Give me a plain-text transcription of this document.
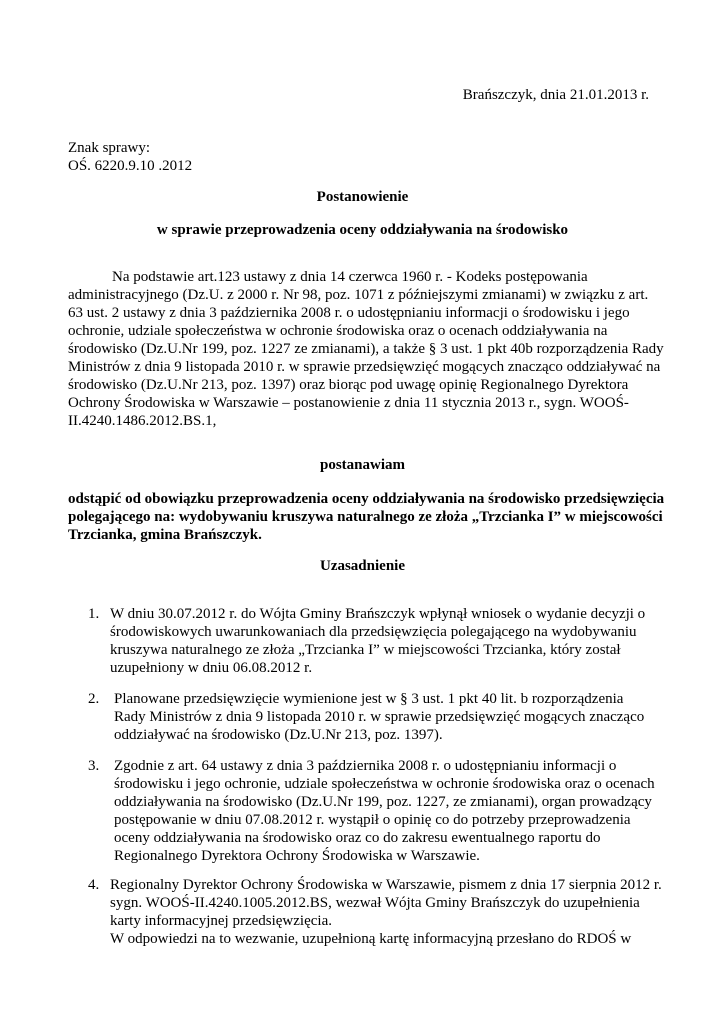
Brańszczyk, dnia 21.01.2013 r.
Znak sprawy:
OŚ. 6220.9.10 .2012
Postanowienie
w sprawie przeprowadzenia oceny oddziaływania na środowisko
Na podstawie art.123 ustawy z dnia 14 czerwca 1960 r. - Kodeks postępowania
administracyjnego (Dz.U. z 2000 r. Nr 98, poz. 1071 z późniejszymi zmianami) w związku z art.
63 ust. 2 ustawy z dnia 3 października 2008 r. o udostępnianiu informacji o środowisku i jego
ochronie, udziale społeczeństwa w ochronie środowiska oraz o ocenach oddziaływania na
środowisko (Dz.U.Nr 199, poz. 1227 ze zmianami), a także § 3 ust. 1 pkt 40b rozporządzenia Rady
Ministrów z dnia 9 listopada 2010 r. w sprawie przedsięwzięć mogących znacząco oddziaływać na
środowisko (Dz.U.Nr 213, poz. 1397) oraz biorąc pod uwagę opinię Regionalnego Dyrektora
Ochrony Środowiska w Warszawie – postanowienie z dnia 11 stycznia 2013 r., sygn. WOOŚ-
II.4240.1486.2012.BS.1,
postanawiam
odstąpić od obowiązku przeprowadzenia oceny oddziaływania na środowisko przedsięwzięcia
polegającego na: wydobywaniu kruszywa naturalnego ze złoża „Trzcianka I” w miejscowości
Trzcianka, gmina Brańszczyk.
Uzasadnienie
1. W dniu 30.07.2012 r. do Wójta Gminy Brańszczyk wpłynął wniosek o wydanie decyzji o
środowiskowych uwarunkowaniach dla przedsięwzięcia polegającego na wydobywaniu
kruszywa naturalnego ze złoża „Trzcianka I” w miejscowości Trzcianka, który został
uzupełniony w dniu 06.08.2012 r.
2. Planowane przedsięwzięcie wymienione jest w § 3 ust. 1 pkt 40 lit. b rozporządzenia
Rady Ministrów z dnia 9 listopada 2010 r. w sprawie przedsięwzięć mogących znacząco
oddziaływać na środowisko (Dz.U.Nr 213, poz. 1397).
3. Zgodnie z art. 64 ustawy z dnia 3 października 2008 r. o udostępnianiu informacji o
środowisku i jego ochronie, udziale społeczeństwa w ochronie środowiska oraz o ocenach
oddziaływania na środowisko (Dz.U.Nr 199, poz. 1227, ze zmianami), organ prowadzący
postępowanie w dniu 07.08.2012 r. wystąpił o opinię co do potrzeby przeprowadzenia
oceny oddziaływania na środowisko oraz co do zakresu ewentualnego raportu do
Regionalnego Dyrektora Ochrony Środowiska w Warszawie.
4. Regionalny Dyrektor Ochrony Środowiska w Warszawie, pismem z dnia 17 sierpnia 2012 r.
sygn. WOOŚ-II.4240.1005.2012.BS, wezwał Wójta Gminy Brańszczyk do uzupełnienia
karty informacyjnej przedsięwzięcia.
W odpowiedzi na to wezwanie, uzupełnioną kartę informacyjną przesłano do RDOŚ w
